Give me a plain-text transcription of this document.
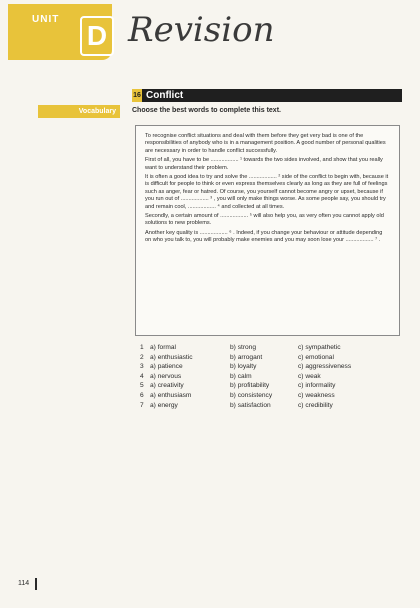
UNIT
D Revision
16 Conflict
Vocabulary	Choose the best words to complete this text.

To recognise conflict situations and deal with them before they get very bad is one of the responsibilities of anybody who is in a management position. A good number of personal qualities are necessary in order to handle conflict successfully.

First of all, you have to be .................. ¹ towards the two sides involved, and show that you really want to understand their problem.

It is often a good idea to try and solve the .................. ² side of the conflict to begin with, because it is difficult for people to think or even express themselves clearly as long as they are full of feelings such as anger, fear or hatred. Of course, you yourself cannot become angry or upset, because if you run out of .................. ³ , you will only make things worse. As some people say, you should try and remain cool, .................. ⁴ and collected at all times.

Secondly, a certain amount of .................. ⁵ will also help you, as very often you cannot apply old solutions to new problems.

Another key quality is .................. ⁶ . Indeed, if you change your behaviour or attitude depending on who you talk to, you will probably make enemies and you may soon lose your .................. ⁷ .

1 a) formal	b) strong	c) sympathetic
2 a) enthusiastic	b) arrogant	c) emotional
3 a) patience	b) loyalty	c) aggressiveness
4 a) nervous	b) calm	c) weak
5 a) creativity	b) profitability	c) informality
6 a) enthusiasm	b) consistency	c) weakness
7 a) energy	b) satisfaction	c) credibility
114
